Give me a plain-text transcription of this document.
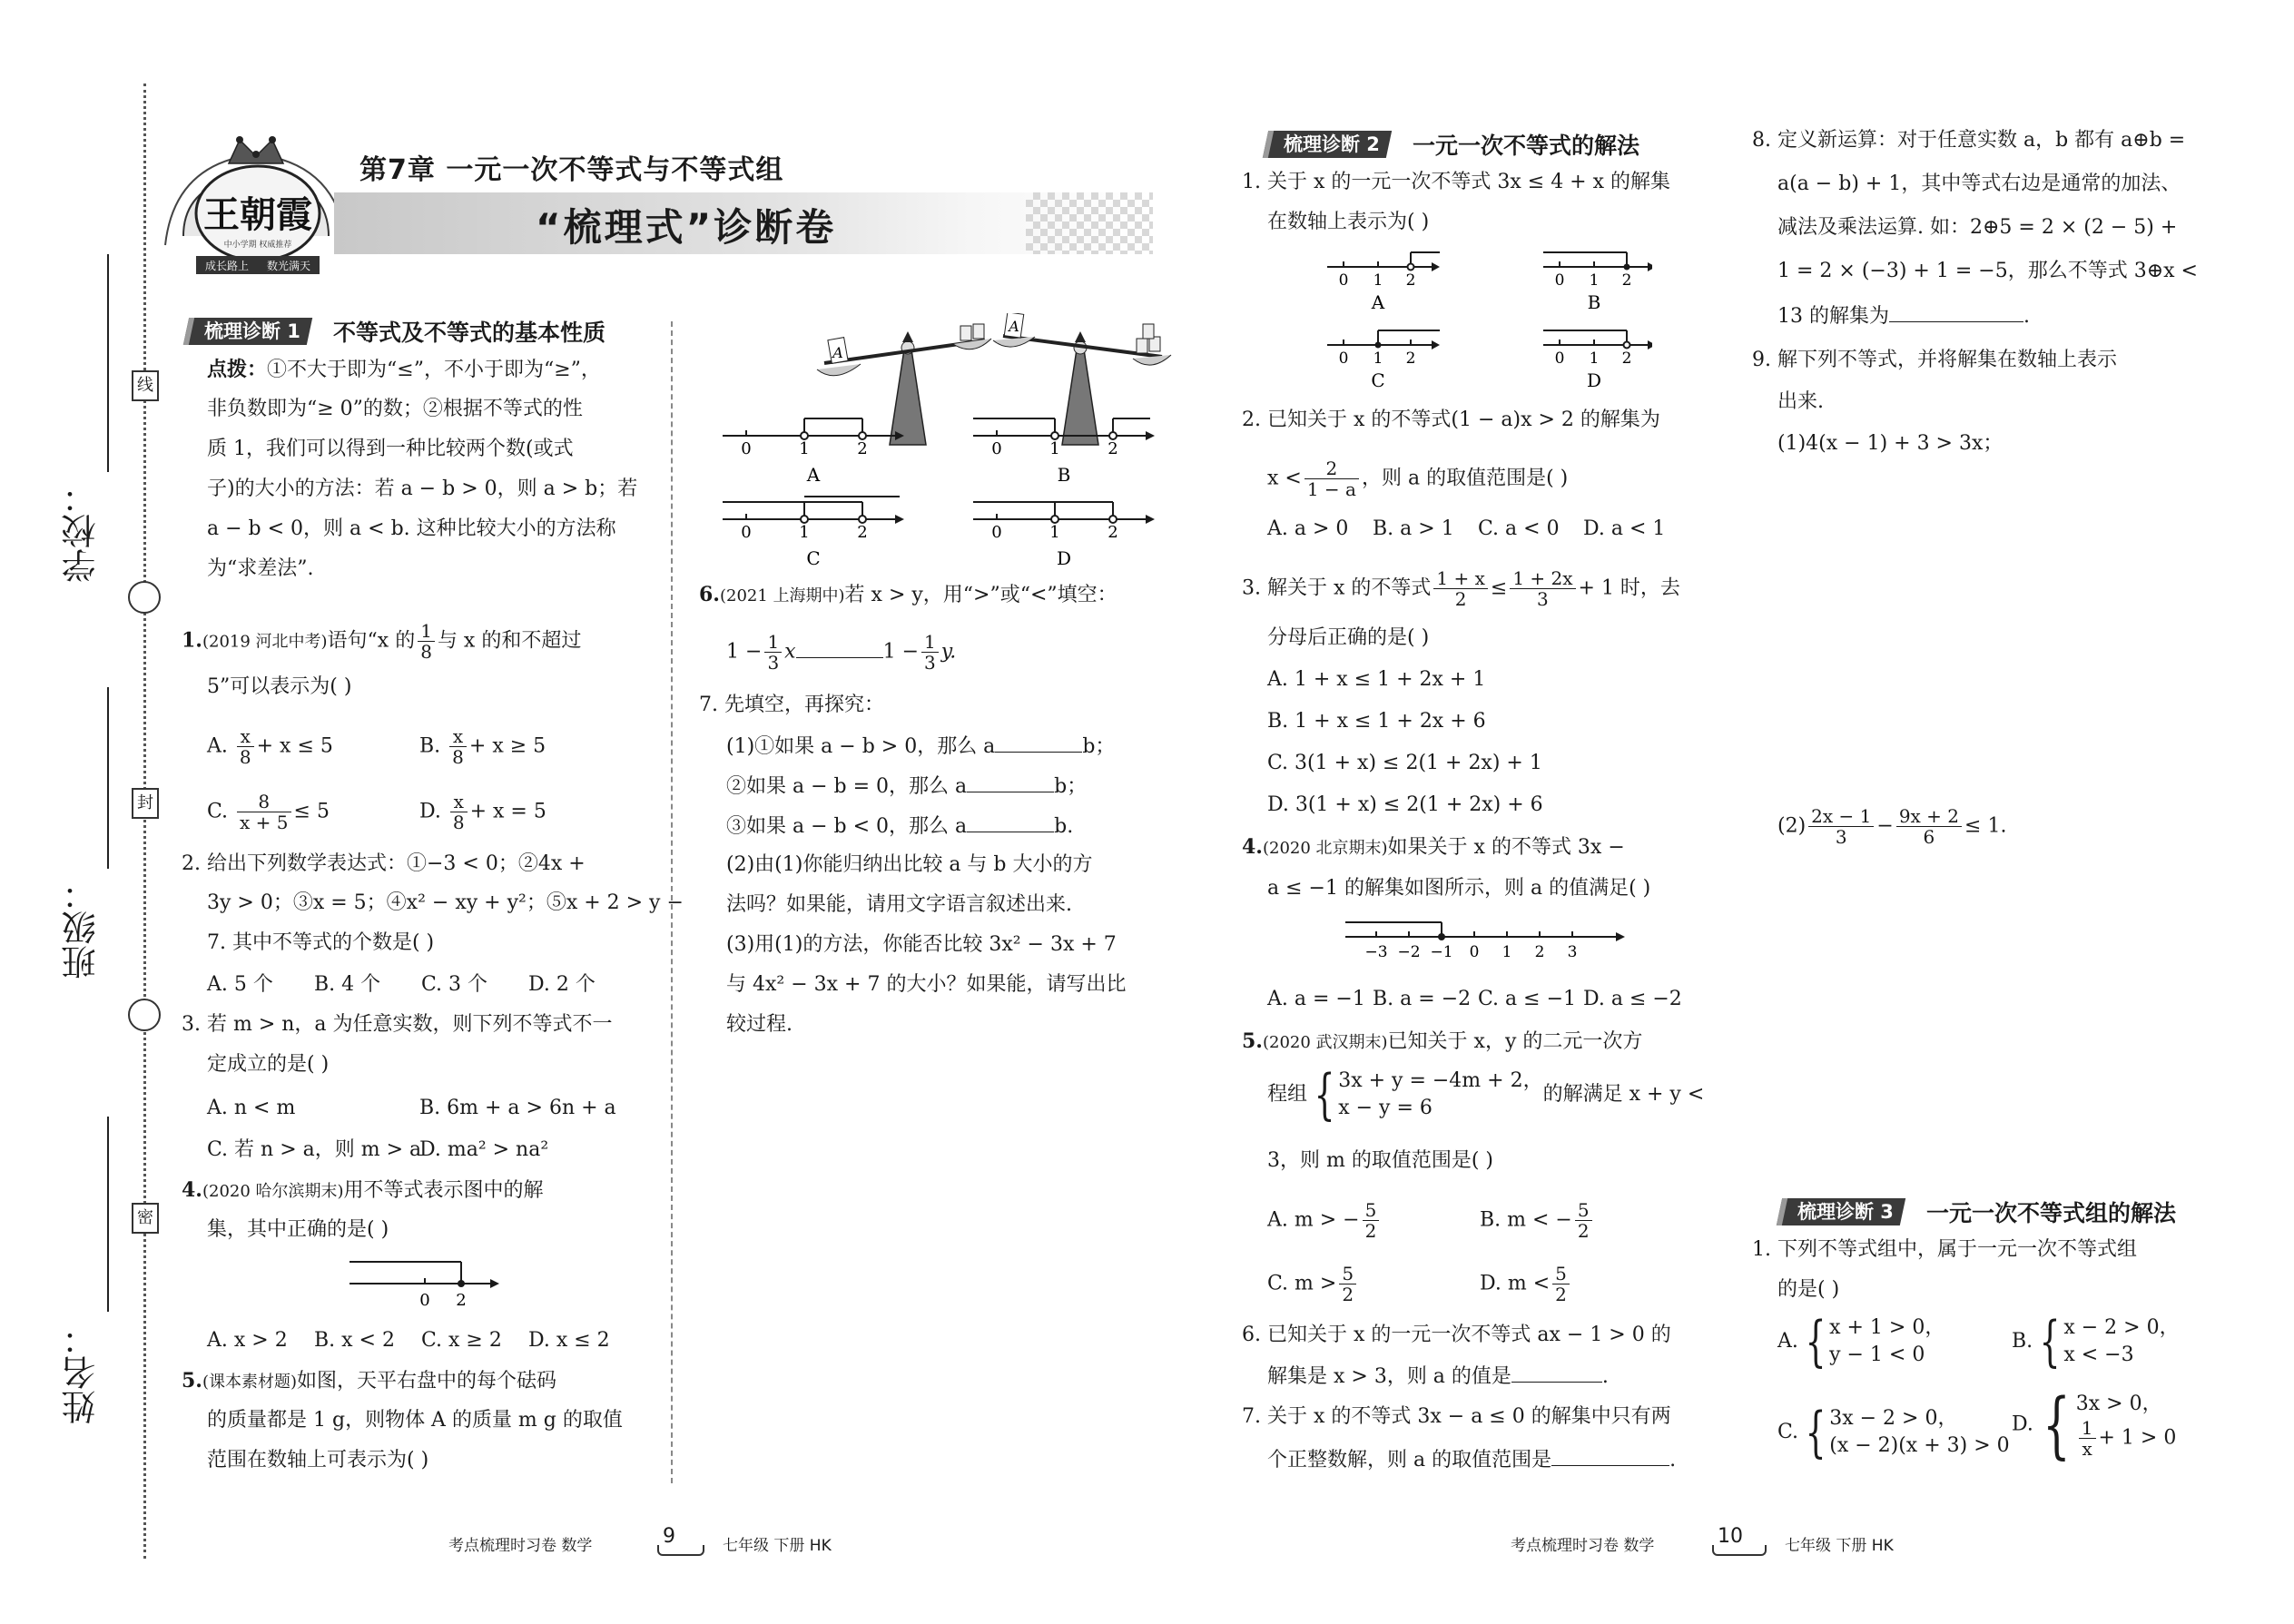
学校：
班级：
姓名：
线
封
密
王朝霞
中小学期 权威推荐
成长路上 数光满天
第7章 一元一次不等式与不等式组
“梳理式”诊断卷
梳理诊断 1	不等式及不等式的基本性质
点拨：①不大于即为“≤”，不小于即为“≥”，
非负数即为“≥ 0”的数；②根据不等式的性
质 1，我们可以得到一种比较两个数(或式
子)的大小的方法：若 a − b > 0，则 a > b；若
a − b < 0，则 a < b. 这种比较大小的方法称
为“求差法”.
1.(2019 河北中考)语句“x 的 $\frac{1}{8}$ 与 x 的和不超过
5”可以表示为( )
A. $\frac{x}{8} + x \le 5$	B. $\frac{x}{8} + x \ge 5$
C. $\frac{8}{x + 5} \le 5$	D. $\frac{x}{8} + x = 5$
2. 给出下列数学表达式：①−3 < 0；②4x +
3y > 0；③x = 5；④x² − xy + y²；⑤x + 2 > y −
7. 其中不等式的个数是( )
A. 5 个 B. 4 个 C. 3 个 D. 2 个
3. 若 m > n，a 为任意实数，则下列不等式不一
定成立的是( )
A. n < m	B. 6m + a > 6n + a
C. 若 n > a，则 m > a
D. ma² > na²
4.(2020 哈尔滨期末)用不等式表示图中的解
集，其中正确的是( )
0 2
A. x > 2 B. x < 2 C. x ≥ 2 D. x ≤ 2
5.(课本素材题)如图，天平右盘中的每个砝码
的质量都是 1 g，则物体 A 的质量 m g 的取值
范围在数轴上可表示为( )
A
A
0	1	2
A
0	1	2
B
0	1	2
C
0	1	2
D
6.(2021 上海期中)若 x > y，用“>”或“<”填空：
$1 - \frac{1}{3}$ x	$1 - \frac{1}{3} y$.
7. 先填空，再探究：
(1)①如果 a − b > 0，那么 a	b；
②如果 a − b = 0，那么 a	b；
③如果 a − b < 0，那么 a	b.
(2)由(1)你能归纳出比较 a 与 b 大小的方
法吗？如果能，请用文字语言叙述出来.
(3)用(1)的方法，你能否比较 3x² − 3x + 7
与 4x² − 3x + 7 的大小？如果能，请写出比
较过程.
梳理诊断 2	一元一次不等式的解法
1. 关于 x 的一元一次不等式 3x ≤ 4 + x 的解集
在数轴上表示为( )
0 1 2
A
0 1 2
B
0 1 2
C
0 1 2
D
2. 已知关于 x 的不等式(1 − a)x > 2 的解集为
$x < \frac{2}{1 - a}$ ，则 a 的取值范围是( )
A. a > 0 B. a > 1 C. a < 0 D. a < 1
3. 解关于 x 的不等式 $\frac{1 + x}{2} \le \frac{1 + 2x}{3} + 1$ 时，去
分母后正确的是( )
A. 1 + x ≤ 1 + 2x + 1
B. 1 + x ≤ 1 + 2x + 6
C. 3(1 + x) ≤ 2(1 + 2x) + 1
D. 3(1 + x) ≤ 2(1 + 2x) + 6
4.(2020 北京期末)如果关于 x 的不等式 3x −
a ≤ −1 的解集如图所示，则 a 的值满足( )
−3 −2 −1 0 1 2 3
A. a = −1 B. a = −2 C. a ≤ −1 D. a ≤ −2
5.(2020 武汉期末)已知关于 x，y 的二元一次方
程组 { 3x + y = −4m + 2，
x − y = 6
的解满足 x + y <
3，则 m 的取值范围是( )
A. m > − $\frac{5}{2}$	B. m < − $\frac{5}{2}$
C. $m > \frac{5}{2}$	D. $m < \frac{5}{2}$
6. 已知关于 x 的一元一次不等式 ax − 1 > 0 的
解集是 x > 3，则 a 的值是	.
7. 关于 x 的不等式 3x − a ≤ 0 的解集中只有两
个正整数解，则 a 的取值范围是	.
8. 定义新运算：对于任意实数 a，b 都有 a⊕b =
a(a − b) + 1，其中等式右边是通常的加法、
减法及乘法运算. 如：2⊕5 = 2 × (2 − 5) +
1 = 2 × (−3) + 1 = −5，那么不等式 3⊕x <
13 的解集为	.
9. 解下列不等式，并将解集在数轴上表示
出来.
(1)4(x − 1) + 3 > 3x；
$(2) \frac{2x - 1}{3} - \frac{9x + 2}{6} \le 1$.
梳理诊断 3	一元一次不等式组的解法
1. 下列不等式组中，属于一元一次不等式组
的是( )
A. { x + 1 > 0，
y − 1 < 0
B. { x − 2 > 0，
x < −3
C. { 3x − 2 > 0，
(x − 2)(x + 3) > 0
D. { 3x > 0，
$\frac{1}{x} + 1 > 0$
考点梳理时习卷 数学	9	七年级 下册 HK	考点梳理时习卷 数学	10	七年级 下册 HK
